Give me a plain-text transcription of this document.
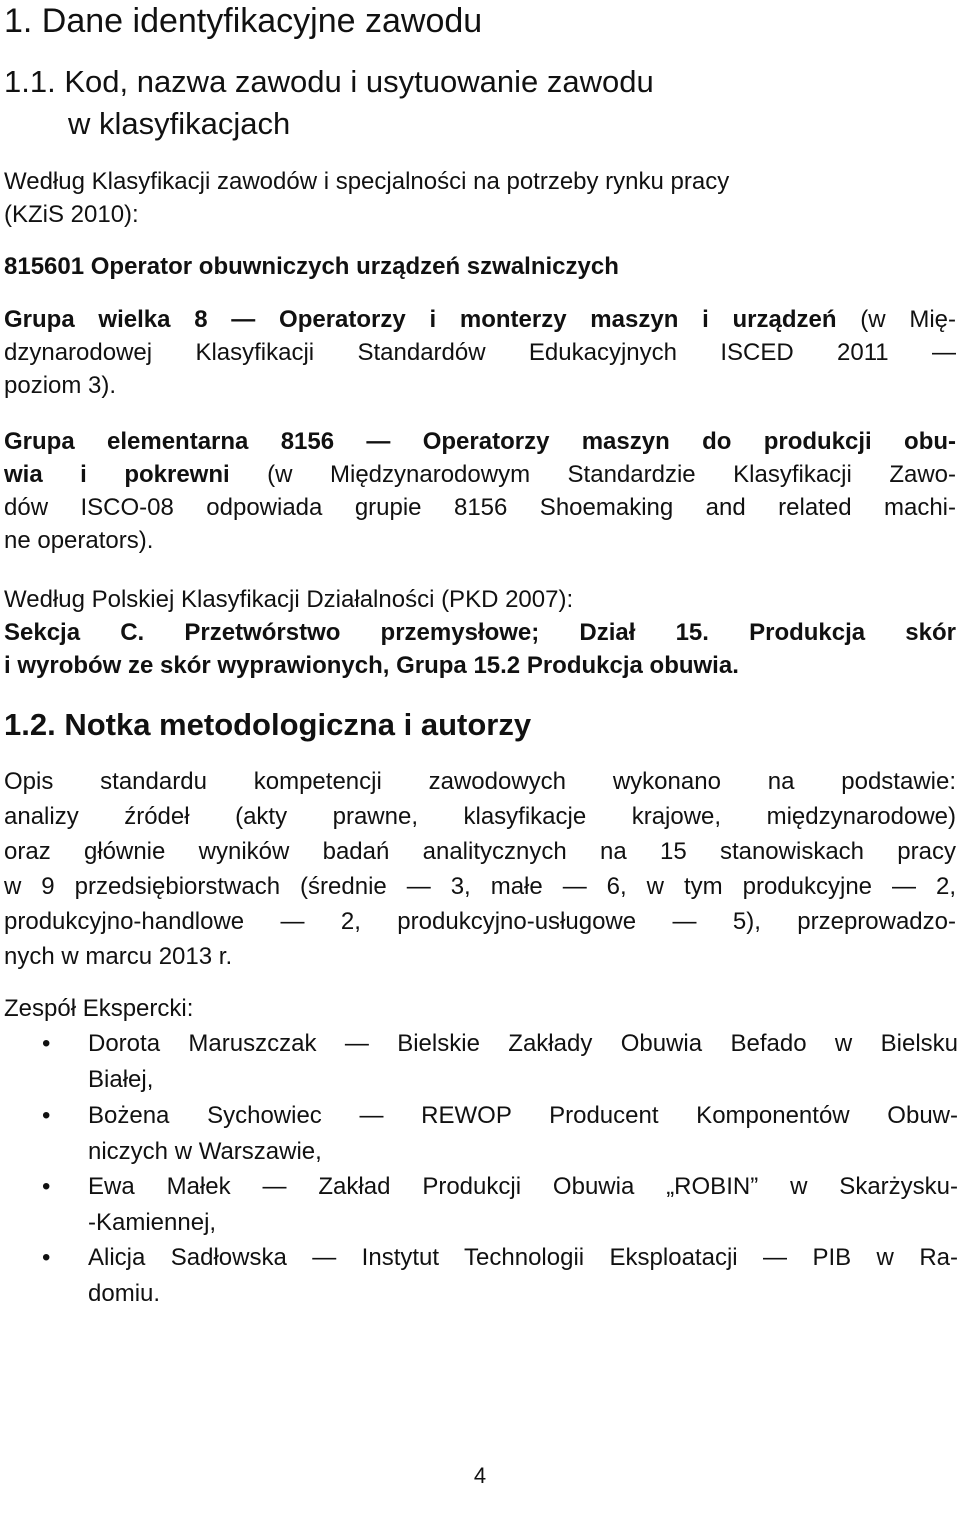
1. Dane identyfikacyjne zawodu
1.1. Kod, nazwa zawodu i usytuowanie zawodu
w klasyfikacjach

Według Klasyfikacji zawodów i specjalności na potrzeby rynku pracy
(KZiS 2010):

815601 Operator obuwniczych urządzeń szwalniczych

Grupa wielka 8 ― Operatorzy i monterzy maszyn i urządzeń (w Mię-
dzynarodowej Klasyfikacji Standardów Edukacyjnych ISCED 2011 ―
poziom 3).

Grupa elementarna 8156 ― Operatorzy maszyn do produkcji obu-
wia i pokrewni (w Międzynarodowym Standardzie Klasyfikacji Zawo-
dów ISCO-08 odpowiada grupie 8156 Shoemaking and related machi-
ne operators).

Według Polskiej Klasyfikacji Działalności (PKD 2007):
Sekcja C. Przetwórstwo przemysłowe; Dział 15. Produkcja skór
i wyrobów ze skór wyprawionych, Grupa 15.2 Produkcja obuwia.

1.2. Notka metodologiczna i autorzy

Opis standardu kompetencji zawodowych wykonano na podstawie:
analizy źródeł (akty prawne, klasyfikacje krajowe, międzynarodowe)
oraz głównie wyników badań analitycznych na 15 stanowiskach pracy
w 9 przedsiębiorstwach (średnie ― 3, małe ― 6, w tym produkcyjne ― 2,
produkcyjno-handlowe ― 2, produkcyjno-usługowe ― 5), przeprowadzo-
nych w marcu 2013 r.

Zespół Ekspercki:

• Dorota Maruszczak ― Bielskie Zakłady Obuwia Befado w Bielsku
Białej,
• Bożena Sychowiec ― REWOP Producent Komponentów Obuw-
niczych w Warszawie,
• Ewa Małek ― Zakład Produkcji Obuwia „ROBIN” w Skarżysku-
-Kamiennej,
• Alicja Sadłowska ― Instytut Technologii Eksploatacji ― PIB w Ra-
domiu.
4
